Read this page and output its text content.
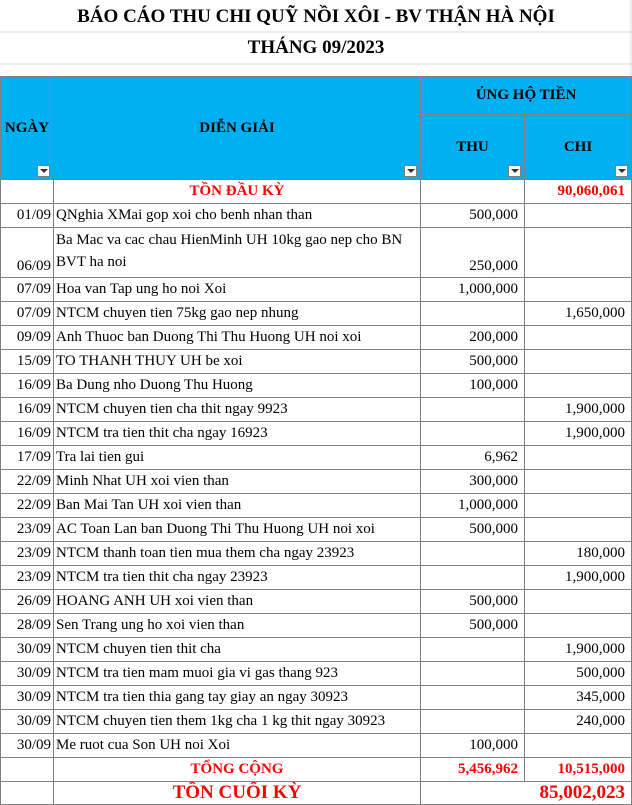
BÁO CÁO THU CHI QUỸ NỒI XÔI - BV THẬN HÀ NỘI
THÁNG 09/2023
NGÀY	DIỄN GIẢI	ỦNG HỘ TIỀN	
		THU	CHI

	TỒN ĐẦU KỲ		90,060,061
01/09	QNghia XMai gop xoi cho benh nhan than	500,000	
06/09	Ba Mac va cac chau HienMinh UH 10kg gao nep cho BN BVT ha noi	250,000	
07/09	Hoa van Tap ung ho noi Xoi	1,000,000	
07/09	NTCM chuyen tien 75kg gao nep nhung		1,650,000
09/09	Anh Thuoc ban Duong Thi Thu Huong UH noi xoi	200,000	
15/09	TO THANH THUY UH be xoi	500,000	
16/09	Ba Dung nho Duong Thu Huong	100,000	
16/09	NTCM chuyen tien cha thit ngay 9923		1,900,000
16/09	NTCM tra tien thit cha ngay 16923		1,900,000
17/09	Tra lai tien gui	6,962	
22/09	Minh Nhat UH xoi vien than	300,000	
22/09	Ban Mai Tan UH xoi vien than	1,000,000	
23/09	AC Toan Lan ban Duong Thi Thu Huong UH noi xoi	500,000	
23/09	NTCM thanh toan tien mua them cha ngay 23923		180,000
23/09	NTCM tra tien thit cha ngay 23923		1,900,000
26/09	HOANG ANH UH xoi vien than	500,000	
28/09	Sen Trang ung ho xoi vien than	500,000	
30/09	NTCM chuyen tien thit cha		1,900,000
30/09	NTCM tra tien mam muoi gia vi gas thang 923		500,000
30/09	NTCM tra tien thia gang tay giay an ngay 30923		345,000
30/09	NTCM chuyen tien them 1kg cha 1 kg thit ngay 30923		240,000
30/09	Me ruot cua Son UH noi Xoi	100,000	
	TỔNG CỘNG	5,456,962	10,515,000
	TỒN CUỐI KỲ	85,002,023	
